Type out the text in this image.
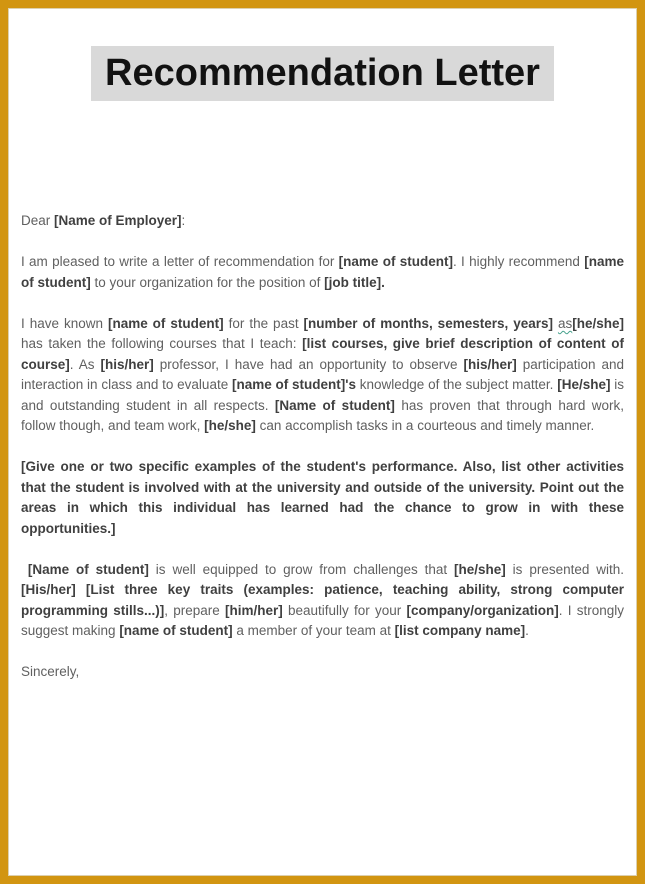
Recommendation Letter

Dear [Name of Employer]:

I am pleased to write a letter of recommendation for [name of student]. I highly recommend [name of student] to your organization for the position of [job title].

I have known [name of student] for the past [number of months, semesters, years] as[he/she] has taken the following courses that I teach: [list courses, give brief description of content of course]. As [his/her] professor, I have had an opportunity to observe [his/her] participation and interaction in class and to evaluate [name of student]'s knowledge of the subject matter. [He/she] is and outstanding student in all respects. [Name of student] has proven that through hard work, follow though, and team work, [he/she] can accomplish tasks in a courteous and timely manner.

[Give one or two specific examples of the student's performance. Also, list other activities that the student is involved with at the university and outside of the university. Point out the areas in which this individual has learned had the chance to grow in with these opportunities.]

[Name of student] is well equipped to grow from challenges that [he/she] is presented with. [His/her] [List three key traits (examples: patience, teaching ability, strong computer programming stills...)], prepare [him/her] beautifully for your [company/organization]. I strongly suggest making [name of student] a member of your team at [list company name].

Sincerely,
